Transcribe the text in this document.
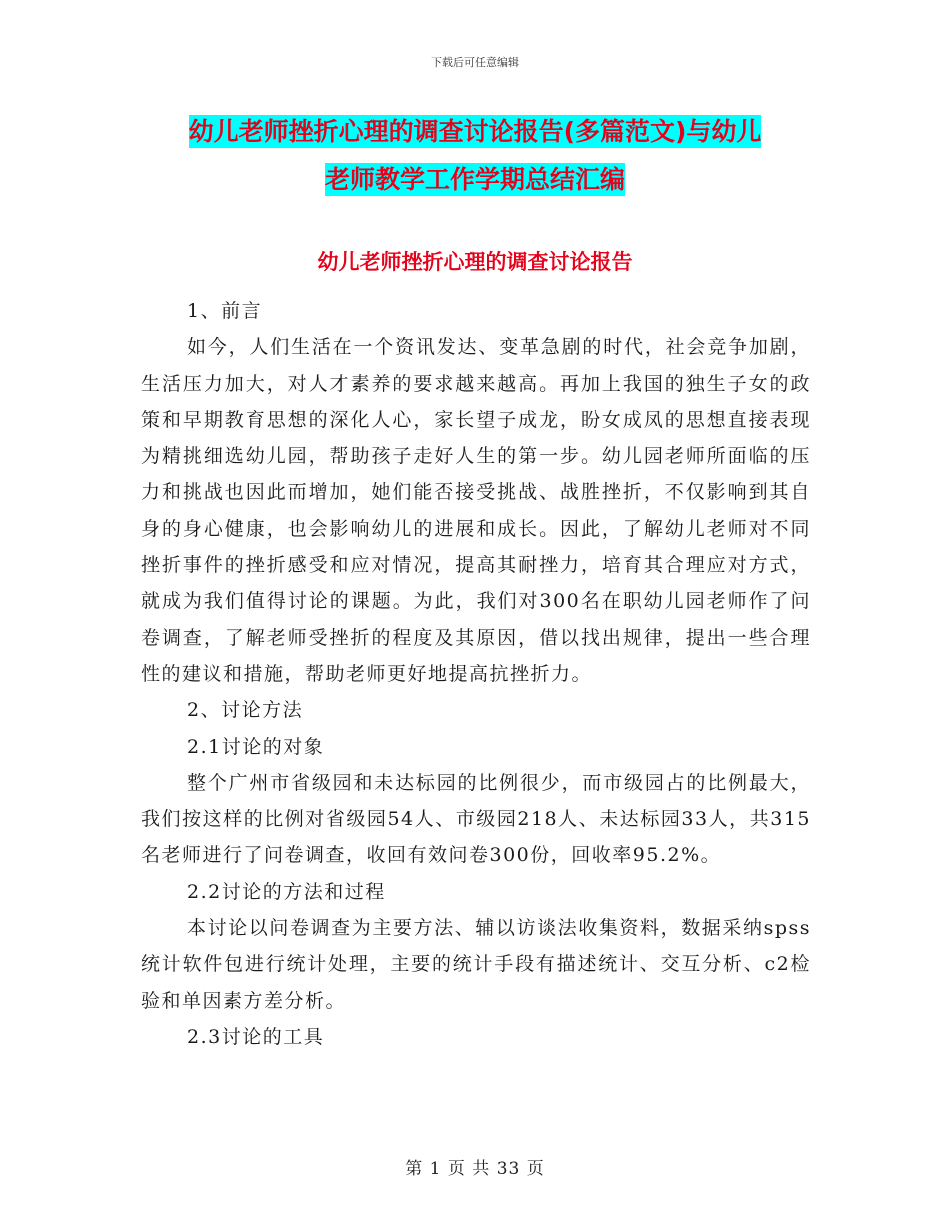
下载后可任意编辑
幼儿老师挫折心理的调查讨论报告(多篇范文)与幼儿
老师教学工作学期总结汇编
幼儿老师挫折心理的调查讨论报告

1、前言

如今，人们生活在一个资讯发达、变革急剧的时代，社会竞争加剧，生活压力加大，对人才素养的要求越来越高。再加上我国的独生子女的政策和早期教育思想的深化人心，家长望子成龙，盼女成凤的思想直接表现为精挑细选幼儿园，帮助孩子走好人生的第一步。幼儿园老师所面临的压力和挑战也因此而增加，她们能否接受挑战、战胜挫折，不仅影响到其自身的身心健康，也会影响幼儿的进展和成长。因此，了解幼儿老师对不同挫折事件的挫折感受和应对情况，提高其耐挫力，培育其合理应对方式，就成为我们值得讨论的课题。为此，我们对300名在职幼儿园老师作了问卷调查，了解老师受挫折的程度及其原因，借以找出规律，提出一些合理性的建议和措施，帮助老师更好地提高抗挫折力。

2、讨论方法

2.1讨论的对象

整个广州市省级园和未达标园的比例很少，而市级园占的比例最大，我们按这样的比例对省级园54人、市级园218人、未达标园33人，共315名老师进行了问卷调查，收回有效问卷300份，回收率95.2%。

2.2讨论的方法和过程

本讨论以问卷调查为主要方法、辅以访谈法收集资料，数据采纳spss统计软件包进行统计处理，主要的统计手段有描述统计、交互分析、c2检验和单因素方差分析。

2.3讨论的工具

第 1 页 共 33 页
